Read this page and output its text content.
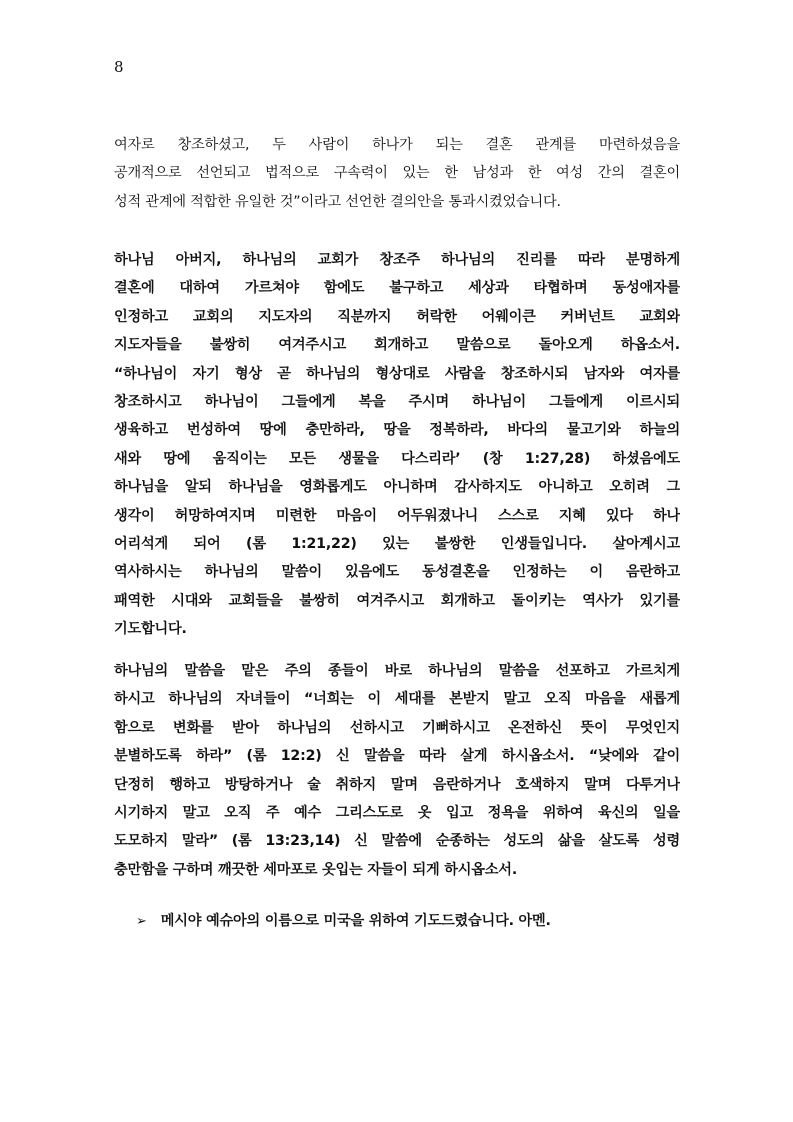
8
여자로 창조하셨고, 두 사람이 하나가 되는 결혼 관계를 마련하셨음을
공개적으로 선언되고 법적으로 구속력이 있는 한 남성과 한 여성 간의 결혼이
성적 관계에 적합한 유일한 것”이라고 선언한 결의안을 통과시켰었습니다.
하나님 아버지, 하나님의 교회가 창조주 하나님의 진리를 따라 분명하게
결혼에 대하여 가르쳐야 함에도 불구하고 세상과 타협하며 동성애자를
인정하고 교회의 지도자의 직분까지 허락한 어웨이큰 커버넌트 교회와
지도자들을 불쌍히 여겨주시고 회개하고 말씀으로 돌아오게 하옵소서.
“하나님이 자기 형상 곧 하나님의 형상대로 사람을 창조하시되 남자와 여자를
창조하시고 하나님이 그들에게 복을 주시며 하나님이 그들에게 이르시되
생육하고 번성하여 땅에 충만하라, 땅을 정복하라, 바다의 물고기와 하늘의
새와 땅에 움직이는 모든 생물을 다스리라’ (창 1:27,28) 하셨음에도
하나님을 알되 하나님을 영화롭게도 아니하며 감사하지도 아니하고 오히려 그
생각이 허망하여지며 미련한 마음이 어두워졌나니 스스로 지혜 있다 하나
어리석게 되어 (롬 1:21,22) 있는 불쌍한 인생들입니다. 살아계시고
역사하시는 하나님의 말씀이 있음에도 동성결혼을 인정하는 이 음란하고
패역한 시대와 교회들을 불쌍히 여겨주시고 회개하고 돌이키는 역사가 있기를
기도합니다.
하나님의 말씀을 맡은 주의 종들이 바로 하나님의 말씀을 선포하고 가르치게
하시고 하나님의 자녀들이 “너희는 이 세대를 본받지 말고 오직 마음을 새롭게
함으로 변화를 받아 하나님의 선하시고 기뻐하시고 온전하신 뜻이 무엇인지
분별하도록 하라” (롬 12:2) 신 말씀을 따라 살게 하시옵소서. “낮에와 같이
단정히 행하고 방탕하거나 술 취하지 말며 음란하거나 호색하지 말며 다투거나
시기하지 말고 오직 주 예수 그리스도로 옷 입고 정욕을 위하여 육신의 일을
도모하지 말라” (롬 13:23,14) 신 말씀에 순종하는 성도의 삶을 살도록 성령
충만함을 구하며 깨끗한 세마포로 옷입는 자들이 되게 하시옵소서.
➢ 메시야 예슈아의 이름으로 미국을 위하여 기도드렸습니다. 아멘.
